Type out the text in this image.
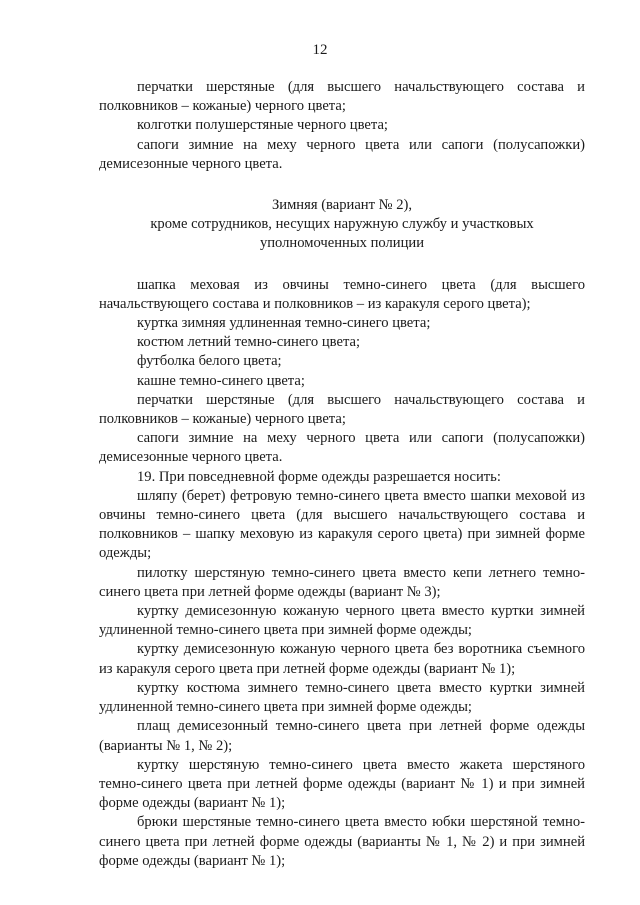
12

перчатки шерстяные (для высшего начальствующего состава и полковников – кожаные) черного цвета;

колготки полушерстяные черного цвета;

сапоги зимние на меху черного цвета или сапоги (полусапожки) демисезонные черного цвета.

Зимняя (вариант № 2),
кроме сотрудников, несущих наружную службу и участковых
уполномоченных полиции

шапка меховая из овчины темно-синего цвета (для высшего начальствующего состава и полковников – из каракуля серого цвета);

куртка зимняя удлиненная темно-синего цвета;

костюм летний темно-синего цвета;

футболка белого цвета;

кашне темно-синего цвета;

перчатки шерстяные (для высшего начальствующего состава и полковников – кожаные) черного цвета;

сапоги зимние на меху черного цвета или сапоги (полусапожки) демисезонные черного цвета.

19. При повседневной форме одежды разрешается носить:

шляпу (берет) фетровую темно-синего цвета вместо шапки меховой из овчины темно-синего цвета (для высшего начальствующего состава и полковников – шапку меховую из каракуля серого цвета) при зимней форме одежды;

пилотку шерстяную темно-синего цвета вместо кепи летнего темно-синего цвета при летней форме одежды (вариант № 3);

куртку демисезонную кожаную черного цвета вместо куртки зимней удлиненной темно-синего цвета при зимней форме одежды;

куртку демисезонную кожаную черного цвета без воротника съемного из каракуля серого цвета при летней форме одежды (вариант № 1);

куртку костюма зимнего темно-синего цвета вместо куртки зимней удлиненной темно-синего цвета при зимней форме одежды;

плащ демисезонный темно-синего цвета при летней форме одежды (варианты № 1, № 2);

куртку шерстяную темно-синего цвета вместо жакета шерстяного темно-синего цвета при летней форме одежды (вариант № 1) и при зимней форме одежды (вариант № 1);

брюки шерстяные темно-синего цвета вместо юбки шерстяной темно-синего цвета при летней форме одежды (варианты № 1, № 2) и при зимней форме одежды (вариант № 1);
